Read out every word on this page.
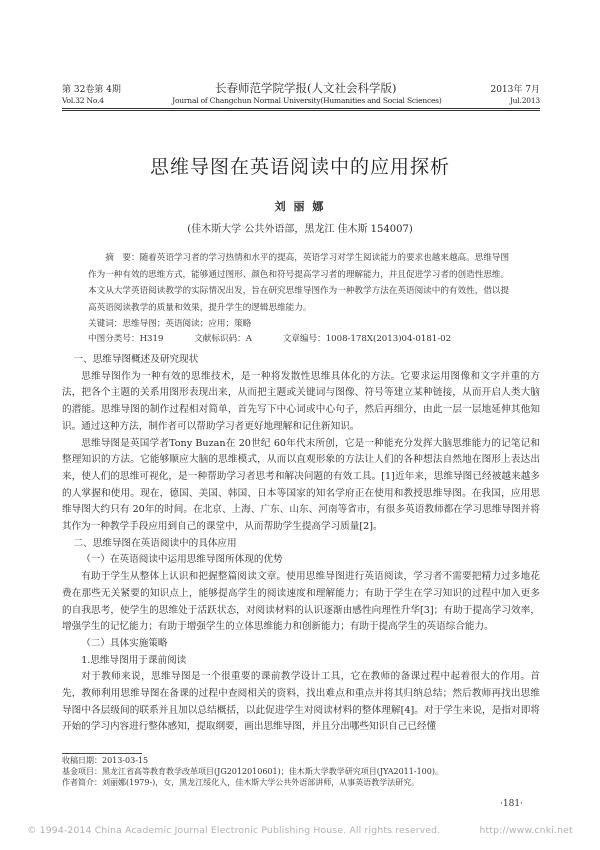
第 32卷第 4期	长春师范学院学报(人文社会科学版)	2013年 7月
Vol.32 No.4	Journal of Changchun Normal University(Humanities and Social Sciences)	Jul.2013
思维导图在英语阅读中的应用探析
刘 丽 娜
(佳木斯大学 公共外语部，黑龙江 佳木斯 154007)

摘　要：随着英语学习者的学习热情和水平的提高，英语学习对学生阅读能力的要求也越来越高。思维导图作为一种有效的思维方式，能够通过图形、颜色和符号提高学习者的理解能力，并且促进学习者的创造性思维。本文从大学英语阅读教学的实际情况出发，旨在研究思维导图作为一种教学方法在英语阅读中的有效性，借以提高英语阅读教学的质量和效果，提升学生的逻辑思维能力。

关键词：思维导图；英语阅读；应用；策略
中图分类号：H319	文献标识码：A	文章编号：1008-178X(2013)04-0181-02

一、思维导图概述及研究现状

思维导图作为一种有效的思维技术，是一种将发散性思维具体化的方法。它要求运用图像和文字并重的方法，把各个主题的关系用图形表现出来，从而把主题或关键词与图像、符号等建立某种链接，从而开启人类大脑的潜能。思维导图的制作过程相对简单，首先写下中心词或中心句子，然后再细分，由此一层一层地延伸其他知识。通过这种方法，制作者可以帮助学习者更好地理解和记住新知识。

思维导图是英国学者Tony Buzan在 20世纪 60年代末所创，它是一种能充分发挥大脑思维能力的记笔记和整理知识的方法。它能够顺应大脑的思维模式，从而以直观形象的方法让人们的各种想法自然地在图形上表达出来，使人们的思维可视化，是一种帮助学习者思考和解决问题的有效工具。[1]近年来，思维导图已经被越来越多的人掌握和使用。现在，德国、美国、韩国、日本等国家的知名学府正在使用和教授思维导图。在我国，应用思维导图大约只有 20年的时间。在北京、上海、广东、山东、河南等省市，有很多英语教师都在学习思维导图并将其作为一种教学手段应用到自己的课堂中，从而帮助学生提高学习质量[2]。

二、思维导图在英语阅读中的具体应用

（一）在英语阅读中运用思维导图所体现的优势

有助于学生从整体上认识和把握整篇阅读文章。使用思维导图进行英语阅读，学习者不需要把精力过多地花费在那些无关紧要的知识点上，能够提高学生的阅读速度和理解能力；有助于学生在学习知识的过程中加入更多的自我思考，使学生的思维处于活跃状态，对阅读材料的认识逐渐由感性向理性升华[3]；有助于提高学习效率，增强学生的记忆能力；有助于增强学生的立体思维能力和创新能力；有助于提高学生的英语综合能力。

（二）具体实施策略

1.思维导图用于课前阅读

对于教师来说，思维导图是一个很重要的课前教学设计工具，它在教师的备课过程中起着很大的作用。首先，教师利用思维导图在备课的过程中查阅相关的资料，找出难点和重点并将其归纳总结；然后教师再找出思维导图中各层级间的联系并且加以总结概括，以此促进学生对阅读材料的整体理解[4]。对于学生来说，是指对即将开始的学习内容进行整体感知，提取纲要，画出思维导图，并且分出哪些知识自己已经懂

收稿日期：2013-03-15

基金项目：黑龙江省高等教育教学改革项目(JG2012010601)；佳木斯大学教学研究项目(JYA2011-100)。

作者简介：刘丽娜(1979-)，女，黑龙江绥化人，佳木斯大学公共外语部讲师，从事英语教学法研究。

·181·
© 1994-2014 China Academic Journal Electronic Publishing House. All rights reserved.	http://www.cnki.net
